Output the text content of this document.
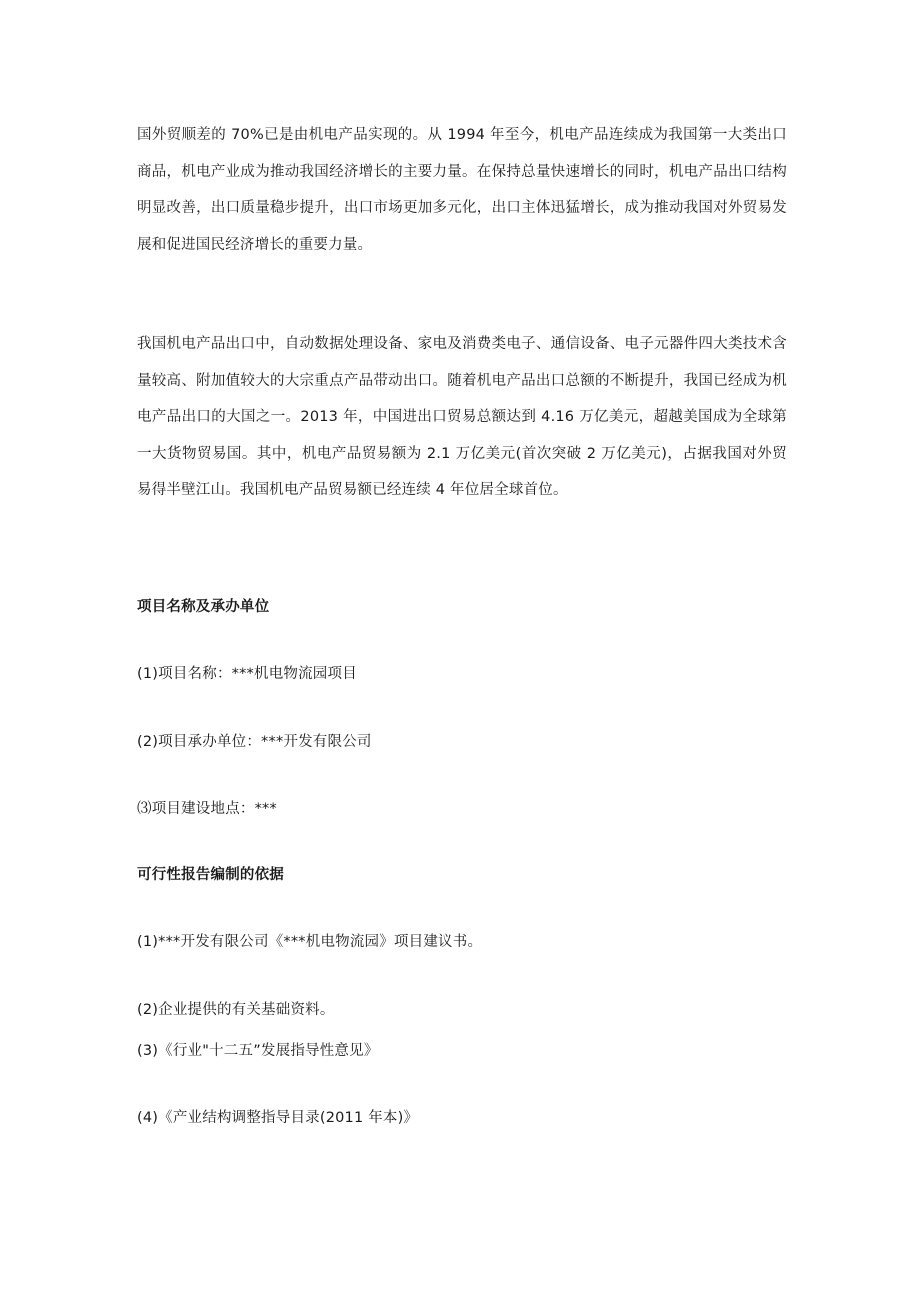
国外贸顺差的 70%已是由机电产品实现的。从 1994 年至今，机电产品连续成为我国第一大类出口商品，机电产业成为推动我国经济增长的主要力量。在保持总量快速增长的同时，机电产品出口结构明显改善，出口质量稳步提升，出口市场更加多元化，出口主体迅猛增长，成为推动我国对外贸易发展和促进国民经济增长的重要力量。

我国机电产品出口中，自动数据处理设备、家电及消费类电子、通信设备、电子元器件四大类技术含量较高、附加值较大的大宗重点产品带动出口。随着机电产品出口总额的不断提升，我国已经成为机电产品出口的大国之一。2013 年，中国进出口贸易总额达到 4.16 万亿美元，超越美国成为全球第一大货物贸易国。其中，机电产品贸易额为 2.1 万亿美元(首次突破 2 万亿美元)，占据我国对外贸易得半壁江山。我国机电产品贸易额已经连续 4 年位居全球首位。

项目名称及承办单位
(1)项目名称：***机电物流园项目
(2)项目承办单位：***开发有限公司
⑶项目建设地点：***
可行性报告编制的依据
(1)***开发有限公司《***机电物流园》项目建议书。
(2)企业提供的有关基础资料。
(3)《行业"十二五”发展指导性意见》
(4)《产业结构调整指导目录(2011 年本)》
